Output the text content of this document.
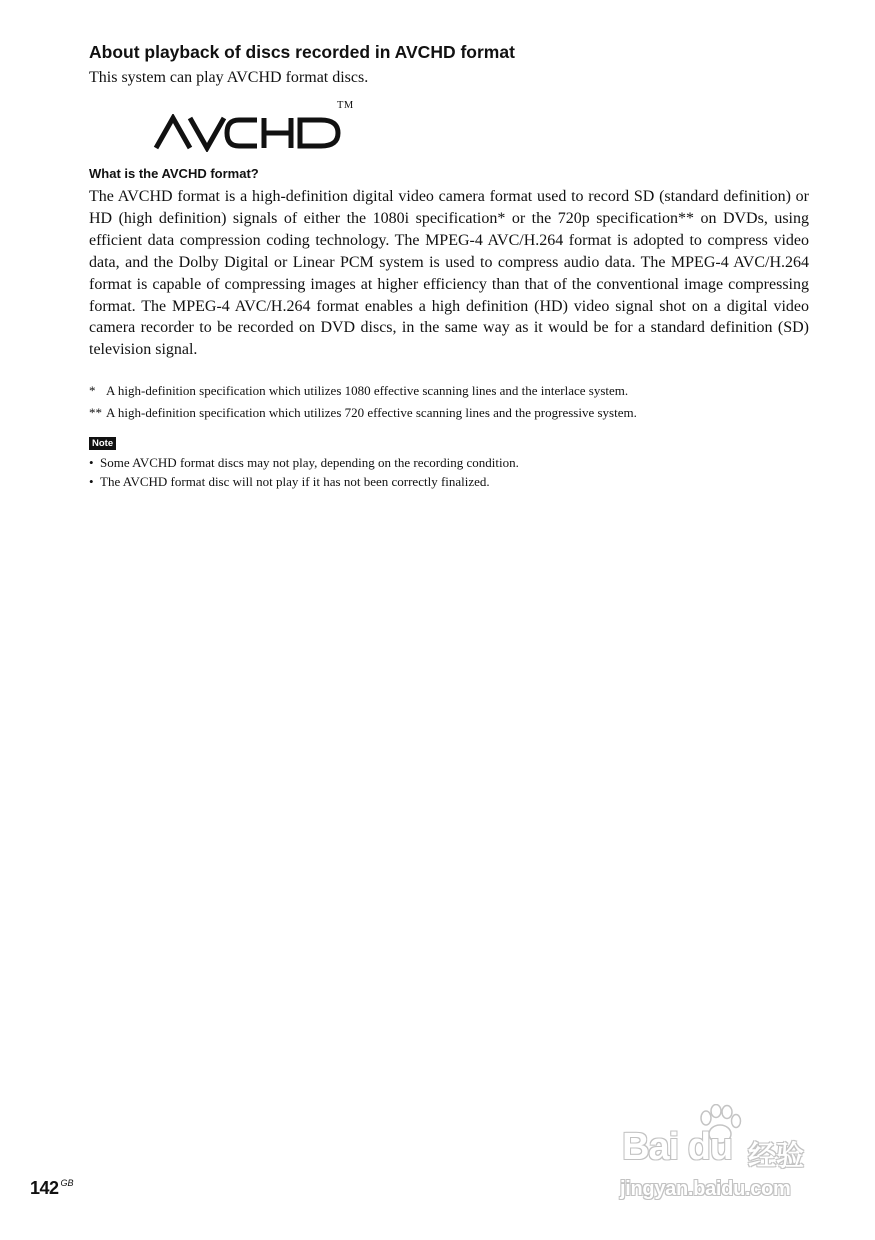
About playback of discs recorded in AVCHD format

This system can play AVCHD format discs.

TM
What is the AVCHD format?

The AVCHD format is a high-definition digital video camera format used to record SD (standard definition) or HD (high definition) signals of either the 1080i specification* or the 720p specification** on DVDs, using efficient data compression coding technology. The MPEG-4 AVC/H.264 format is adopted to compress video data, and the Dolby Digital or Linear PCM system is used to compress audio data. The MPEG-4 AVC/H.264 format is capable of compressing images at higher efficiency than that of the conventional image compressing format. The MPEG-4 AVC/H.264 format enables a high definition (HD) video signal shot on a digital video camera recorder to be recorded on DVD discs, in the same way as it would be for a standard definition (SD) television signal.

* A high-definition specification which utilizes 1080 effective scanning lines and the interlace system.
** A high-definition specification which utilizes 720 effective scanning lines and the progressive system.
Note
• Some AVCHD format discs may not play, depending on the recording condition.
• The AVCHD format disc will not play if it has not been correctly finalized.
142 $^{GB}$
Bai du 经验
jingyan.baidu.com
